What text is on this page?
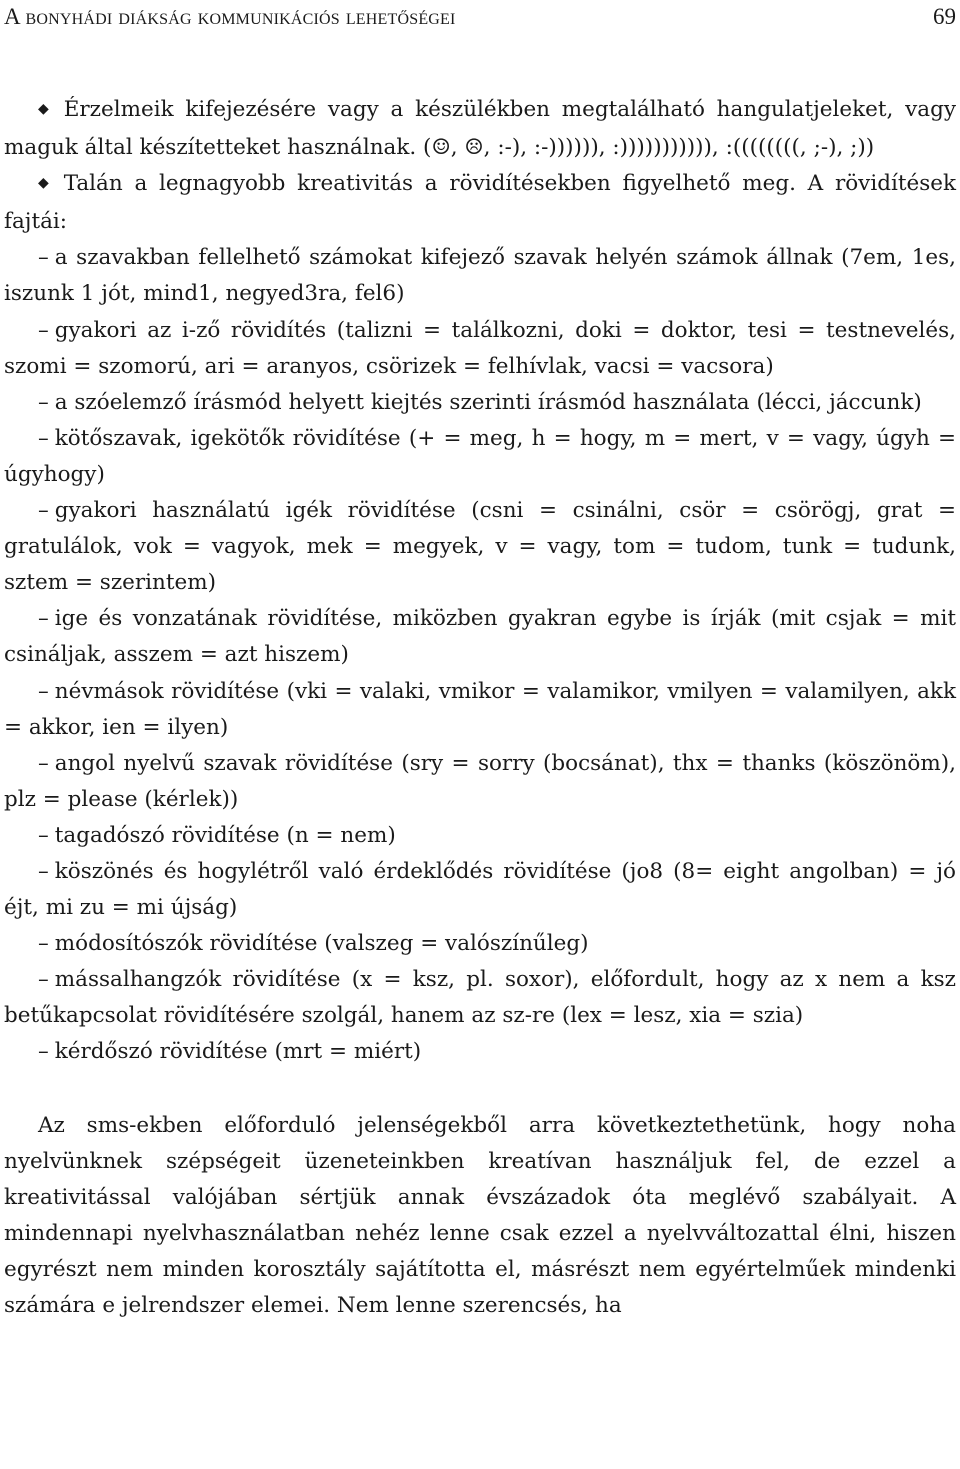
A bonyhádi diákság kommunikációs lehetőségei	69

◆ Érzelmeik kifejezésére vagy a készülékben megtalálható hangulatjeleket, vagy maguk által készítetteket használnak. (☺, ☹, :-), :-)))))), :))))))))))), :((((((((, ;-), ;))

◆ Talán a legnagyobb kreativitás a rövidítésekben figyelhető meg. A rövidítések fajtái:

– a szavakban fellelhető számokat kifejező szavak helyén számok állnak (7em, 1es, iszunk 1 jót, mind1, negyed3ra, fel6)

– gyakori az i-ző rövidítés (talizni = találkozni, doki = doktor, tesi = testnevelés, szomi = szomorú, ari = aranyos, csörizek = felhívlak, vacsi = vacsora)

– a szóelemző írásmód helyett kiejtés szerinti írásmód használata (lécci, jáccunk)

– kötőszavak, igekötők rövidítése (+ = meg, h = hogy, m = mert, v = vagy, úgyh = úgyhogy)

– gyakori használatú igék rövidítése (csni = csinálni, csör = csörögj, grat = gratulálok, vok = vagyok, mek = megyek, v = vagy, tom = tudom, tunk = tudunk, sztem = szerintem)

– ige és vonzatának rövidítése, miközben gyakran egybe is írják (mit csjak = mit csináljak, asszem = azt hiszem)

– névmások rövidítése (vki = valaki, vmikor = valamikor, vmilyen = valamilyen, akk = akkor, ien = ilyen)

– angol nyelvű szavak rövidítése (sry = sorry (bocsánat), thx = thanks (köszönöm), plz = please (kérlek))

– tagadószó rövidítése (n = nem)

– köszönés és hogylétről való érdeklődés rövidítése (jo8 (8= eight angolban) = jó éjt, mi zu = mi újság)

– módosítószók rövidítése (valszeg = valószínűleg)

– mássalhangzók rövidítése (x = ksz, pl. soxor), előfordult, hogy az x nem a ksz betűkapcsolat rövidítésére szolgál, hanem az sz-re (lex = lesz, xia = szia)

– kérdőszó rövidítése (mrt = miért)

Az sms-ekben előforduló jelenségekből arra következtethetünk, hogy noha nyelvünknek szépségeit üzeneteinkben kreatívan használjuk fel, de ezzel a kreativitással valójában sértjük annak évszázadok óta meglévő szabályait. A mindennapi nyelvhasználatban nehéz lenne csak ezzel a nyelvváltozattal élni, hiszen egyrészt nem minden korosztály sajátította el, másrészt nem egyértelműek mindenki számára e jelrendszer elemei. Nem lenne szerencsés, ha
